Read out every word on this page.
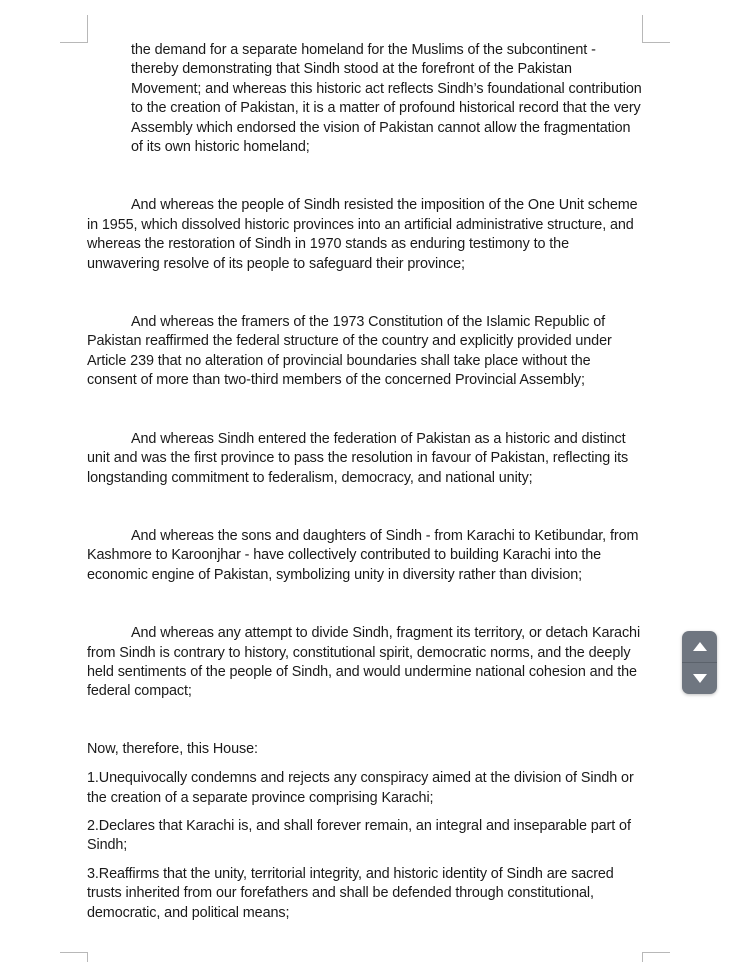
the demand for a separate homeland for the Muslims of the subcontinent - thereby demonstrating that Sindh stood at the forefront of the Pakistan Movement; and whereas this historic act reflects Sindh’s foundational contribution to the creation of Pakistan, it is a matter of profound historical record that the very Assembly which endorsed the vision of Pakistan cannot allow the fragmentation of its own historic homeland;

And whereas the people of Sindh resisted the imposition of the One Unit scheme in 1955, which dissolved historic provinces into an artificial administrative structure, and whereas the restoration of Sindh in 1970 stands as enduring testimony to the unwavering resolve of its people to safeguard their province;

And whereas the framers of the 1973 Constitution of the Islamic Republic of Pakistan reaffirmed the federal structure of the country and explicitly provided under Article 239 that no alteration of provincial boundaries shall take place without the consent of more than two-third members of the concerned Provincial Assembly;

And whereas Sindh entered the federation of Pakistan as a historic and distinct unit and was the first province to pass the resolution in favour of Pakistan, reflecting its longstanding commitment to federalism, democracy, and national unity;

And whereas the sons and daughters of Sindh - from Karachi to Ketibundar, from Kashmore to Karoonjhar - have collectively contributed to building Karachi into the economic engine of Pakistan, symbolizing unity in diversity rather than division;

And whereas any attempt to divide Sindh, fragment its territory, or detach Karachi from Sindh is contrary to history, constitutional spirit, democratic norms, and the deeply held sentiments of the people of Sindh, and would undermine national cohesion and the federal compact;

Now, therefore, this House:

1.Unequivocally condemns and rejects any conspiracy aimed at the division of Sindh or the creation of a separate province comprising Karachi;

2.Declares that Karachi is, and shall forever remain, an integral and inseparable part of Sindh;

3.Reaffirms that the unity, territorial integrity, and historic identity of Sindh are sacred trusts inherited from our forefathers and shall be defended through constitutional, democratic, and political means;
